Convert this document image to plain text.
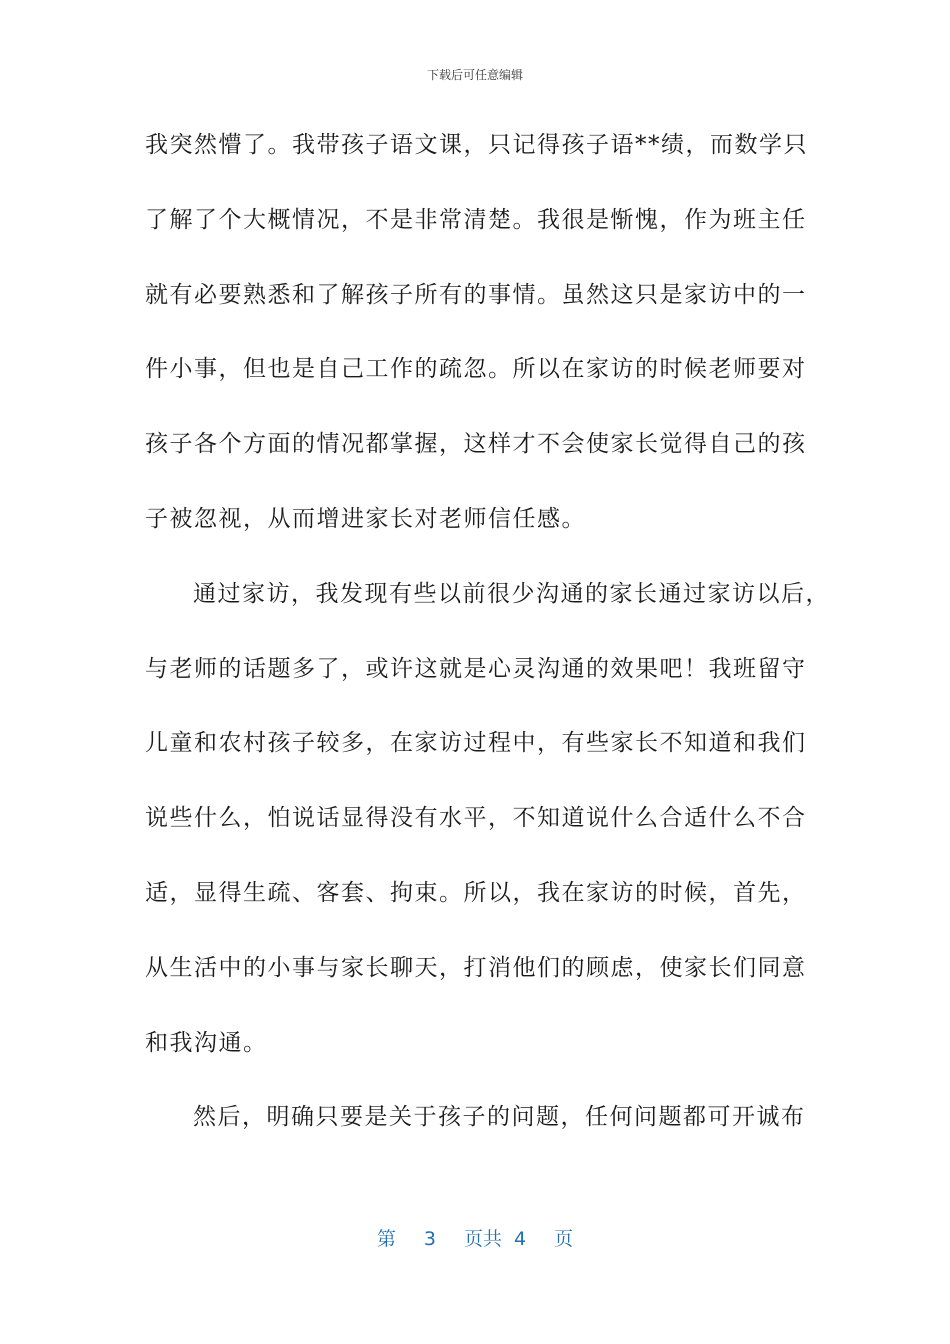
下载后可任意编辑
我突然懵了。我带孩子语文课，只记得孩子语**绩，而数学只
了解了个大概情况，不是非常清楚。我很是惭愧，作为班主任
就有必要熟悉和了解孩子所有的事情。虽然这只是家访中的一
件小事，但也是自己工作的疏忽。所以在家访的时候老师要对
孩子各个方面的情况都掌握，这样才不会使家长觉得自己的孩
子被忽视，从而增进家长对老师信任感。
通过家访，我发现有些以前很少沟通的家长通过家访以后，
与老师的话题多了，或许这就是心灵沟通的效果吧！我班留守
儿童和农村孩子较多，在家访过程中，有些家长不知道和我们
说些什么，怕说话显得没有水平，不知道说什么合适什么不合
适，显得生疏、客套、拘束。所以，我在家访的时候，首先，
从生活中的小事与家长聊天，打消他们的顾虑，使家长们同意
和我沟通。
然后，明确只要是关于孩子的问题，任何问题都可开诚布
第 3 页共 4 页
